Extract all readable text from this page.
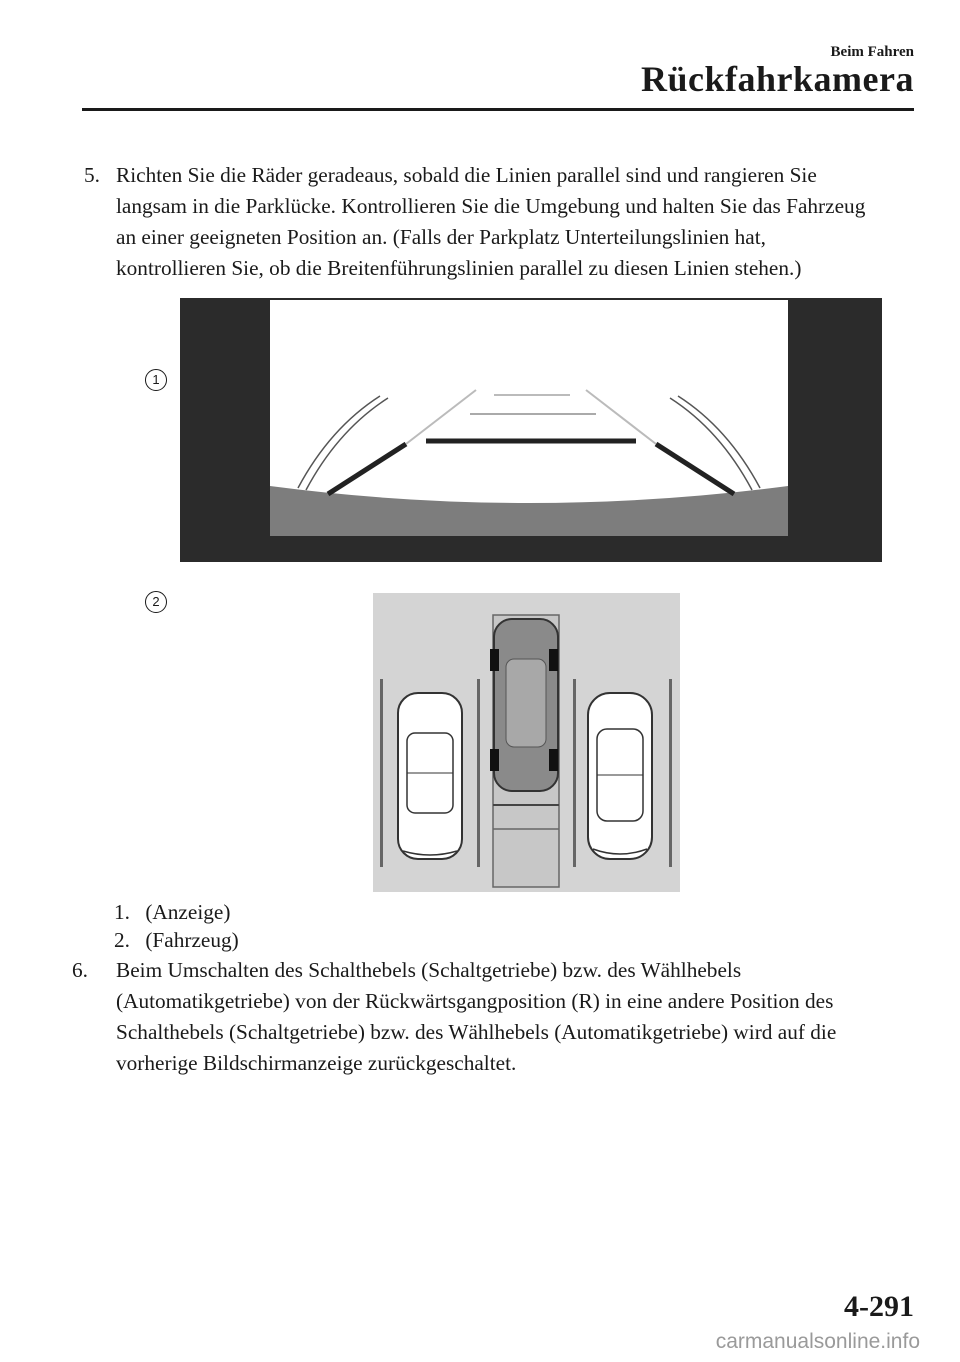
Beim Fahren
Rückfahrkamera
5. Richten Sie die Räder geradeaus, sobald die Linien parallel sind und rangieren Sie
langsam in die Parklücke. Kontrollieren Sie die Umgebung und halten Sie das Fahrzeug
an einer geeigneten Position an. (Falls der Parkplatz Unterteilungslinien hat,
kontrollieren Sie, ob die Breitenführungslinien parallel zu diesen Linien stehen.)
1
2
1. (Anzeige)
2. (Fahrzeug)
6. Beim Umschalten des Schalthebels (Schaltgetriebe) bzw. des Wählhebels
(Automatikgetriebe) von der Rückwärtsgangposition (R) in eine andere Position des
Schalthebels (Schaltgetriebe) bzw. des Wählhebels (Automatikgetriebe) wird auf die
vorherige Bildschirmanzeige zurückgeschaltet.
4-291
carmanualsonline.info
